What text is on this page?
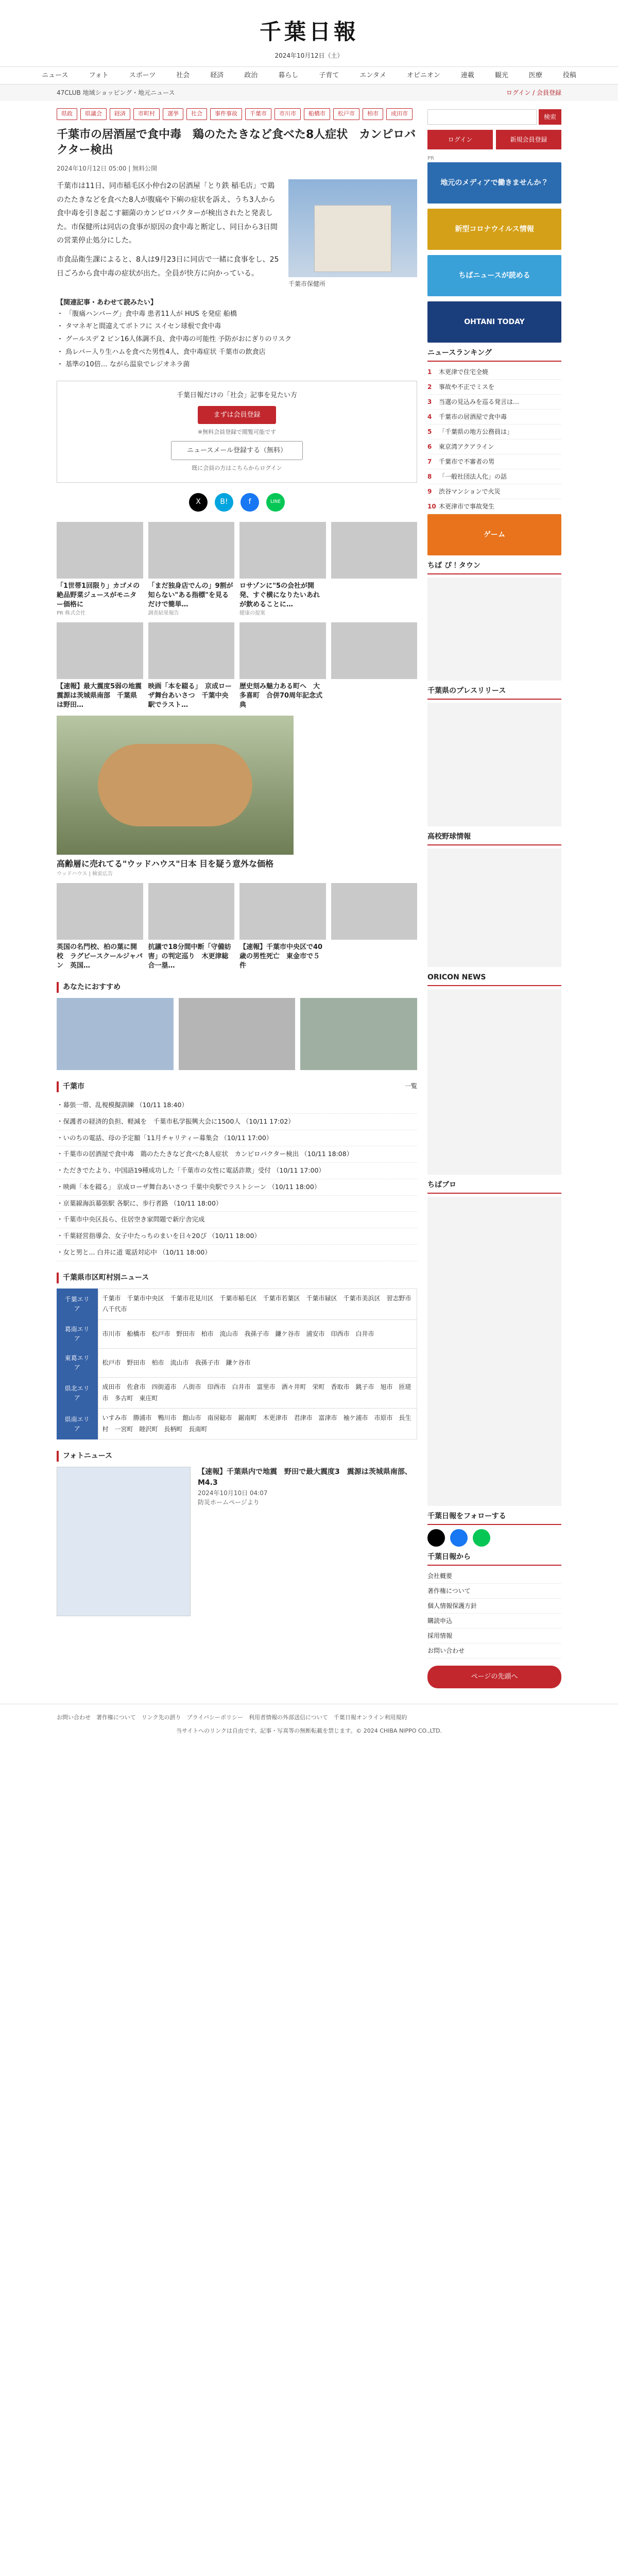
千葉日報
2024年10月12日（土）
ニュース	フォト	スポーツ	社会	経済	政治	暮らし	子育て	エンタメ	オピニオン	連載	観光	医療	投稿
47CLUB 地域ショッピング・地元ニュース	ログイン / 会員登録
県政	県議会	経済	市町村	選挙	社会	事件事故	千葉市	市川市	船橋市	松戸市	柏市	成田市
千葉市の居酒屋で食中毒　鶏のたたきなど食べた8人症状　カンピロバクター検出
2024年10月12日 05:00 | 無料公開

千葉市は11日、同市稲毛区小仲台2の居酒屋「とり鉄 稲毛店」で鶏のたたきなどを食べた8人が腹痛や下痢の症状を訴え、うち3人から食中毒を引き起こす細菌のカンピロバクターが検出されたと発表した。市保健所は同店の食事が原因の食中毒と断定し、同日から3日間の営業停止処分にした。

市食品衛生課によると、8人は9月23日に同店で一緒に食事をし、25日ごろから食中毒の症状が出た。全員が快方に向かっている。

千葉市保健所
【関連記事・あわせて読みたい】
・ 「腹痛ハンバーグ」食中毒 患者11人が HUS を発症 船橋
・ タマネギと間違えてポトフに スイセン球根で食中毒
・ グールスデ 2 ビン16人体調不良、食中毒の可能性 予防がおにぎりのリスク
・ 鳥レバー入り生ハムを食べた男性4人、食中毒症状 千葉市の飲食店
・ 基準の10倍… ながら温泉でレジオネラ菌
千葉日報だけの「社会」記事を見たい方
まずは会員登録
※無料会員登録で閲覧可能です
ニュースメール登録する（無料）
既に会員の方はこちらからログイン
X	B!	f	LINE
「1世帯1回限り」カゴメの絶品野菜ジュースがモニター価格に
PR 株式会社
「まだ独身店でんの」9割が知らない"ある指標"を見るだけで簡単…
調査結果報告
ロサゾンに"5の会社が開発、すぐ横になりたいあれが飲めることに…
健康の提案
【速報】最大震度5弱の地震　震源は茨城県南部　千葉県は野田…
映画「本を綴る」　京成ローザ舞台あいさつ　千葉中央駅でラスト…
歴史刻み魅力ある町へ　大多喜町　合併70周年記念式典
高齢層に売れてる"ウッドハウス"日本 目を疑う意外な価格
ウッドハウス | 検索広告
英国の名門校、柏の葉に開校　ラグビースクールジャパン　英国…
抗議で18分間中断「守備妨害」の判定巡り　木更津総合一塁…
【速報】千葉市中央区で40歳の男性死亡　東金市で５件
あなたにおすすめ
千葉市	一覧
・幕張一帯、乱視模擬訓練 （10/11 18:40）
・保護者の経済的負担、軽減を　千葉市私学振興大会に1500人 （10/11 17:02）
・いのちの電話、母の予定額「11月チャリティー募集会 （10/11 17:00）
・千葉市の居酒屋で食中毒　鶏のたたきなど食べた8人症状　カンピロバクター検出 （10/11 18:08）
・ただきでたより、中国語19種成功した「千葉市の女性に電話詐欺」受付 （10/11 17:00）
・映画「本を綴る」 京成ローザ舞台あいさつ 千葉中央駅でラストシーン （10/11 18:00）
・京葉線海浜幕張駅 各駅に、歩行者路 （10/11 18:00）
・千葉市中央区長ら、住居空き家問題で新庁舎完成
・千葉経営指導会、女子中たっちのまいを日々20ぴ （10/11 18:00）
・女と男と... 白井に道 電話対応中 （10/11 18:00）
千葉県市区町村別ニュース
千葉エリア	千葉市　千葉市中央区　千葉市花見川区　千葉市稲毛区　千葉市若葉区　千葉市緑区　千葉市美浜区　習志野市　八千代市
葛南エリア	市川市　船橋市　松戸市　野田市　柏市　流山市　我孫子市　鎌ケ谷市　浦安市　印西市　白井市
東葛エリア	松戸市　野田市　柏市　流山市　我孫子市　鎌ケ谷市
県北エリア	成田市　佐倉市　四街道市　八街市　印西市　白井市　富里市　酒々井町　栄町　香取市　銚子市　旭市　匝瑳市　多古町　東庄町
県南エリア	いすみ市　勝浦市　鴨川市　館山市　南房総市　鋸南町　木更津市　君津市　富津市　袖ケ浦市　市原市　長生村　一宮町　睦沢町　長柄町　長南町
フォトニュース
【速報】千葉県内で地震　野田で最大震度3　震源は茨城県南部、M4.3
2024年10月10日 04:07
防災ホームページより
検索
ログイン	新規会員登録
PR
地元のメディアで働きませんか？
新型コロナウイルス情報
ちばニュースが読める
OHTANI TODAY
ニュースランキング
1	木更津で住宅全焼
2	事故や不正でミスを
3	当選の見込みを巡る発言は…
4	千葉市の居酒屋で食中毒
5	「千葉県の地方公務員は」
6	東京湾アクアライン
7	千葉市で不審者の男
8	「一般社団法人化」の話
9	渋谷マンションで火災
10 木更津市で事故発生
ゲーム
ちば ぴ！タウン
千葉県のプレスリリース
高校野球情報
ORICON NEWS
ちばブロ
千葉日報をフォローする
千葉日報から
会社概要
著作権について
個人情報保護方針
購読申込
採用情報
お問い合わせ
ページの先頭へ
お問い合わせ　著作権について　リンク先の誤り　プライバシーポリシー　利用者情報の外部送信について　千葉日報オンライン利用規約
当サイトへのリンクは自由です。記事・写真等の無断転載を禁じます。© 2024 CHIBA NIPPO CO.,LTD.
